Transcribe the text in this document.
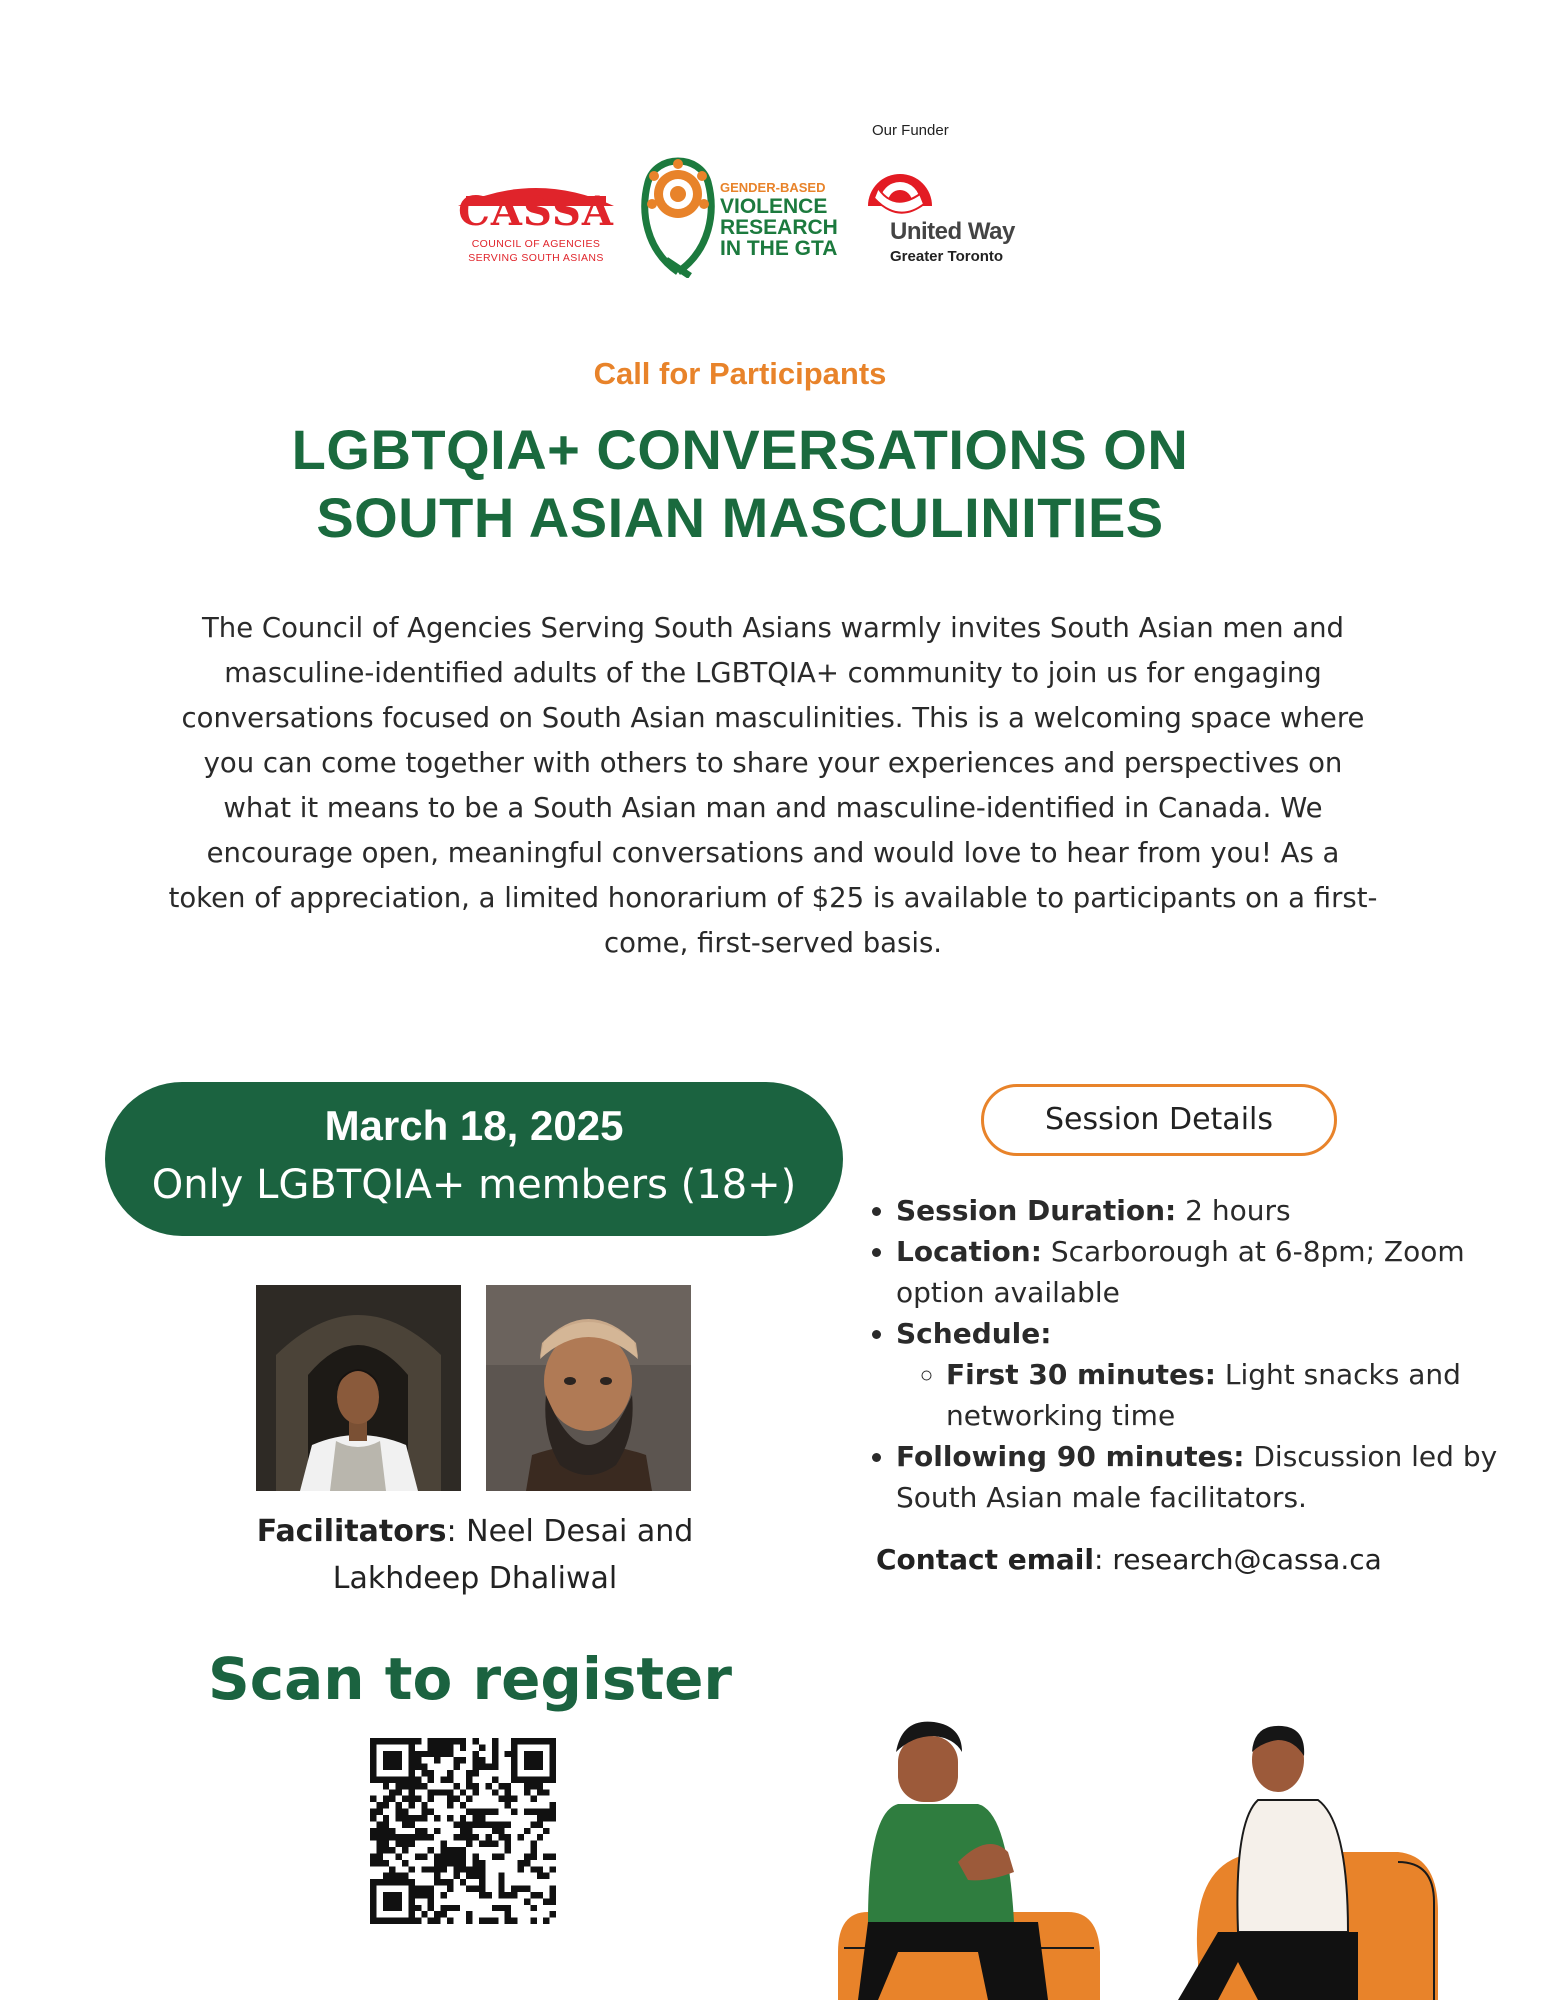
CASSA
COUNCIL OF AGENCIES
SERVING SOUTH ASIANS
GENDER-BASED
VIOLENCE
RESEARCH
IN THE GTA
Our Funder
United Way
Greater Toronto
Call for Participants
LGBTQIA+ CONVERSATIONS ON
SOUTH ASIAN MASCULINITIES
The Council of Agencies Serving South Asians warmly invites South Asian men and masculine-identified adults of the LGBTQIA+ community to join us for engaging conversations focused on South Asian masculinities. This is a welcoming space where you can come together with others to share your experiences and perspectives on what it means to be a South Asian man and masculine-identified in Canada. We encourage open, meaningful conversations and would love to hear from you! As a token of appreciation, a limited honorarium of $25 is available to participants on a first-come, first-served basis.
March 18, 2025
Only LGBTQIA+ members (18+)
Facilitators: Neel Desai and
Lakhdeep Dhaliwal
Scan to register
Session Details
• Session Duration: 2 hours
• Location: Scarborough at 6-8pm; Zoom option available
• Schedule:
◦ First 30 minutes: Light snacks and networking time
• Following 90 minutes: Discussion led by South Asian male facilitators.
Contact email: research@cassa.ca
